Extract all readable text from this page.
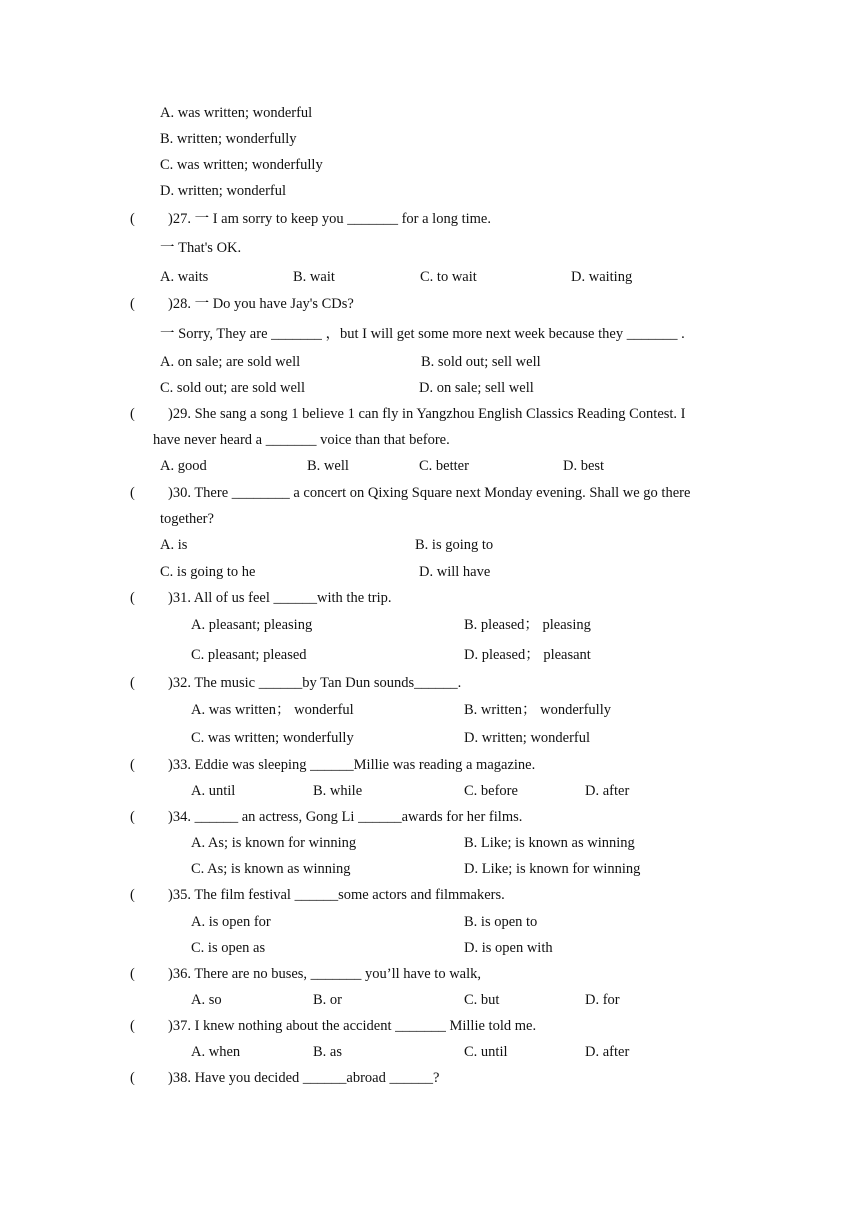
A. was written; wonderful
B. written; wonderfully
C. was written; wonderfully
D. written; wonderful
( )27. 一 I am sorry to keep you _______ for a long time.
一 That's OK.
A. waits	B. wait	C. to wait	D. waiting
( )28. 一 Do you have Jay's CDs?
一 Sorry, They are _______ ，but I will get some more next week because they _______ .
A. on sale; are sold well	B. sold out; sell well
C. sold out; are sold well	D. on sale; sell well
( )29. She sang a song 1 believe 1 can fly in Yangzhou English Classics Reading Contest. I
have never heard a _______ voice than that before.
A. good	B. well	C. better	D. best
( )30. There ________ a concert on Qixing Square next Monday evening. Shall we go there
together?
A. is	B. is going to
C. is going to he	D. will have
( )31. All of us feel ______with the trip.
A. pleasant; pleasing	B. pleased； pleasing
C. pleasant; pleased	D. pleased； pleasant
( )32. The music ______by Tan Dun sounds______.
A. was written； wonderful	B. written； wonderfully
C. was written; wonderfully	D. written; wonderful
( )33. Eddie was sleeping ______Millie was reading a magazine.
A. until	B. while	C. before	D. after
( )34. ______ an actress, Gong Li ______awards for her films.
A. As; is known for winning	B. Like; is known as winning
C. As; is known as winning	D. Like; is known for winning
( )35. The film festival ______some actors and filmmakers.
A. is open for	B. is open to
C. is open as	D. is open with
( )36. There are no buses, _______ you’ll have to walk,
A. so	B. or	C. but	D. for
( )37. I knew nothing about the accident _______ Millie told me.
A. when	B. as	C. until	D. after
( )38. Have you decided ______abroad ______?
